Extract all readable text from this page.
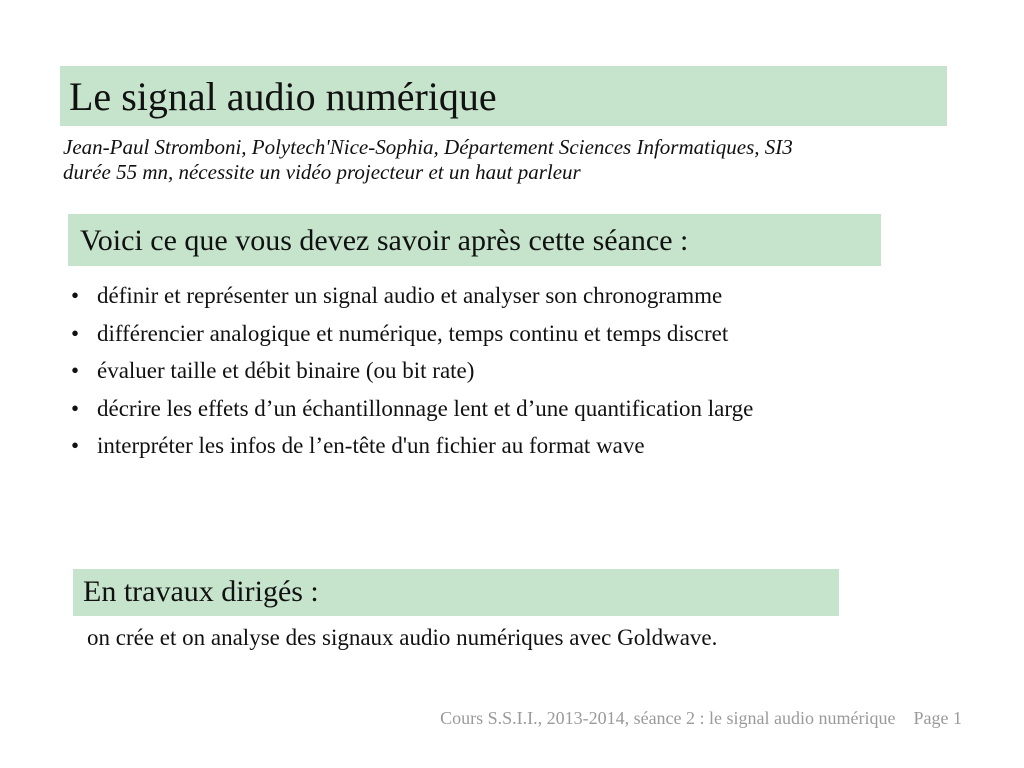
Le signal audio numérique
Jean-Paul Stromboni, Polytech'Nice-Sophia, Département Sciences Informatiques, SI3
durée 55 mn, nécessite un vidéo projecteur et un haut parleur
Voici ce que vous devez savoir après cette séance :
• définir et représenter un signal audio et analyser son chronogramme
• différencier analogique et numérique, temps continu et temps discret
• évaluer taille et débit binaire (ou bit rate)
• décrire les effets d’un échantillonnage lent et d’une quantification large
• interpréter les infos de l’en-tête d'un fichier au format wave
En travaux dirigés :
on crée et on analyse des signaux audio numériques avec Goldwave.
Cours S.S.I.I., 2013-2014, séance 2 : le signal audio numérique Page 1
